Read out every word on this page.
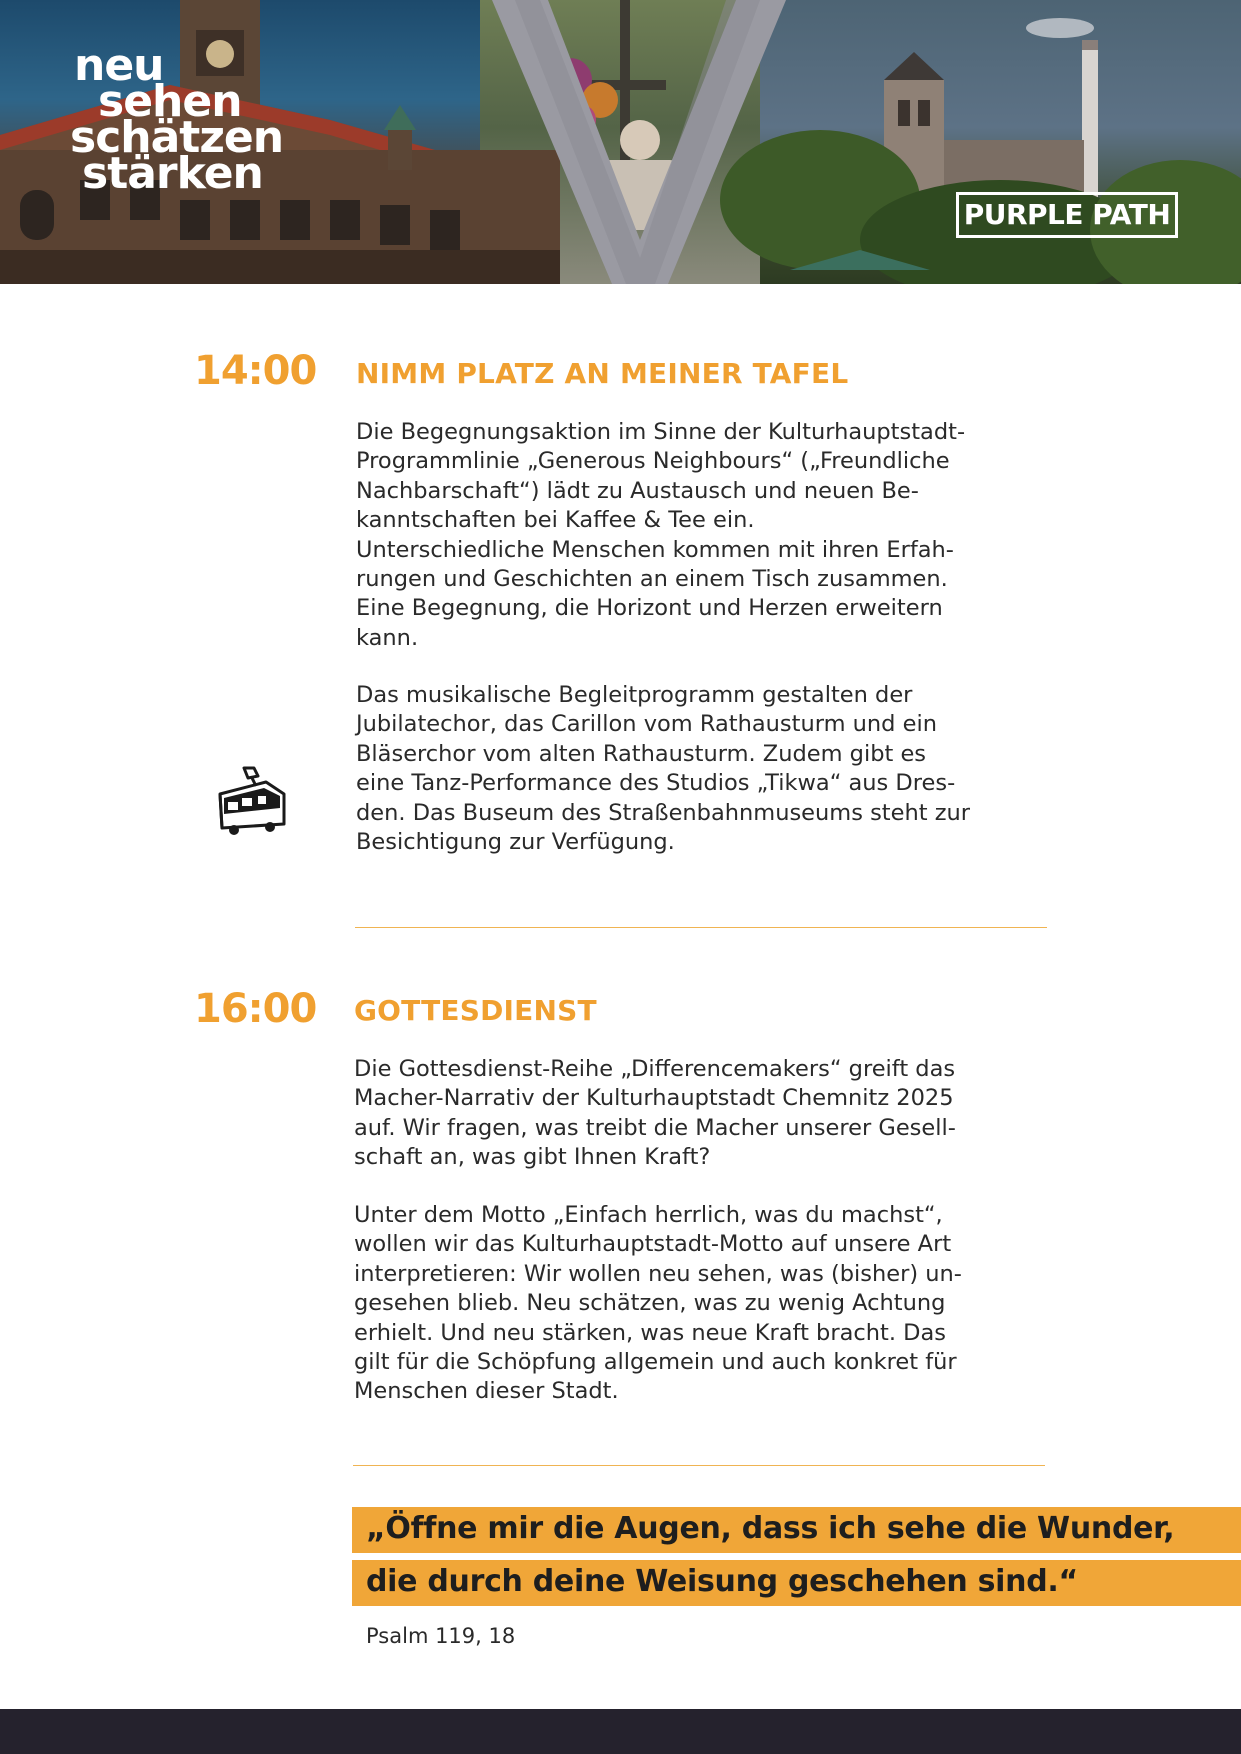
neu
sehen
schätzen
stärken
PURPLE PATH
14:00 NIMM PLATZ AN MEINER TAFEL
Die Begegnungsaktion im Sinne der Kulturhauptstadt-
Programmlinie „Generous Neighbours“ („Freundliche
Nachbarschaft“) lädt zu Austausch und neuen Be-
kanntschaften bei Kaffee & Tee ein.
Unterschiedliche Menschen kommen mit ihren Erfah-
rungen und Geschichten an einem Tisch zusammen.
Eine Begegnung, die Horizont und Herzen erweitern
kann.
Das musikalische Begleitprogramm gestalten der
Jubilatechor, das Carillon vom Rathausturm und ein
Bläserchor vom alten Rathausturm. Zudem gibt es
eine Tanz-Performance des Studios „Tikwa“ aus Dres-
den. Das Buseum des Straßenbahnmuseums steht zur
Besichtigung zur Verfügung.
16:00 GOTTESDIENST
Die Gottesdienst-Reihe „Differencemakers“ greift das
Macher-Narrativ der Kulturhauptstadt Chemnitz 2025
auf. Wir fragen, was treibt die Macher unserer Gesell-
schaft an, was gibt Ihnen Kraft?
Unter dem Motto „Einfach herrlich, was du machst“,
wollen wir das Kulturhauptstadt-Motto auf unsere Art
interpretieren: Wir wollen neu sehen, was (bisher) un-
gesehen blieb. Neu schätzen, was zu wenig Achtung
erhielt. Und neu stärken, was neue Kraft bracht. Das
gilt für die Schöpfung allgemein und auch konkret für
Menschen dieser Stadt.
„Öffne mir die Augen, dass ich sehe die Wunder,
die durch deine Weisung geschehen sind.“
Psalm 119, 18
